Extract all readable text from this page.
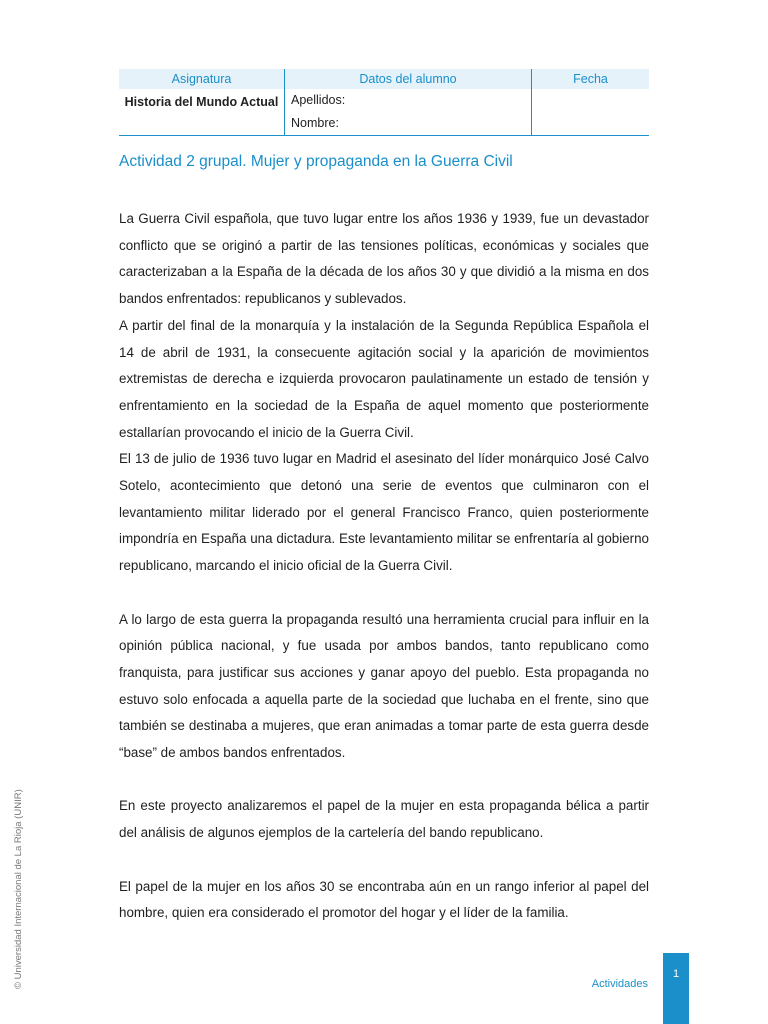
Asignatura	Datos del alumno	Fecha
Historia del Mundo Actual	Apellidos:
Nombre:	

Actividad 2 grupal. Mujer y propaganda en la Guerra Civil

La Guerra Civil española, que tuvo lugar entre los años 1936 y 1939, fue un devastador conflicto que se originó a partir de las tensiones políticas, económicas y sociales que caracterizaban a la España de la década de los años 30 y que dividió a la misma en dos bandos enfrentados: republicanos y sublevados.

A partir del final de la monarquía y la instalación de la Segunda República Española el 14 de abril de 1931, la consecuente agitación social y la aparición de movimientos extremistas de derecha e izquierda provocaron paulatinamente un estado de tensión y enfrentamiento en la sociedad de la España de aquel momento que posteriormente estallarían provocando el inicio de la Guerra Civil.

El 13 de julio de 1936 tuvo lugar en Madrid el asesinato del líder monárquico José Calvo Sotelo, acontecimiento que detonó una serie de eventos que culminaron con el levantamiento militar liderado por el general Francisco Franco, quien posteriormente impondría en España una dictadura. Este levantamiento militar se enfrentaría al gobierno republicano, marcando el inicio oficial de la Guerra Civil.

A lo largo de esta guerra la propaganda resultó una herramienta crucial para influir en la opinión pública nacional, y fue usada por ambos bandos, tanto republicano como franquista, para justificar sus acciones y ganar apoyo del pueblo. Esta propaganda no estuvo solo enfocada a aquella parte de la sociedad que luchaba en el frente, sino que también se destinaba a mujeres, que eran animadas a tomar parte de esta guerra desde “base” de ambos bandos enfrentados.

En este proyecto analizaremos el papel de la mujer en esta propaganda bélica a partir del análisis de algunos ejemplos de la cartelería del bando republicano.

El papel de la mujer en los años 30 se encontraba aún en un rango inferior al papel del hombre, quien era considerado el promotor del hogar y el líder de la familia.

© Universidad Internacional de La Rioja (UNIR)	Actividades
1
